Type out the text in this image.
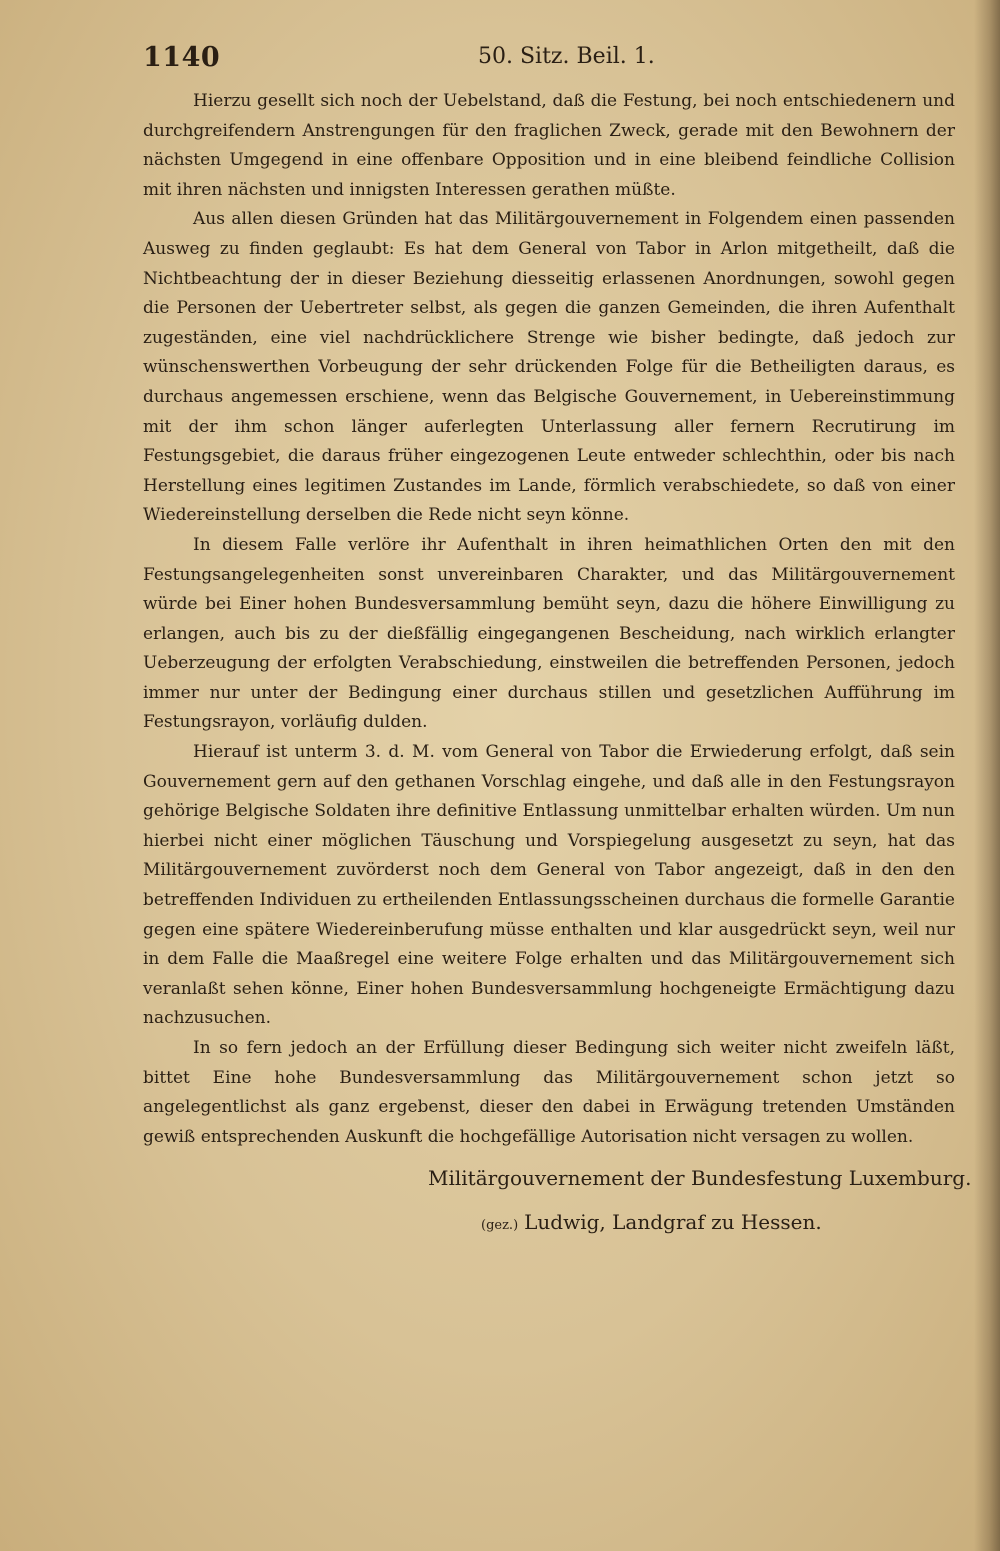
1140	50. Sitz. Beil. 1.

Hierzu gesellt sich noch der Uebelstand, daß die Festung, bei noch entschiedenern und durchgreifendern Anstrengungen für den fraglichen Zweck, gerade mit den Bewohnern der nächsten Umgegend in eine offenbare Opposition und in eine bleibend feindliche Collision mit ihren nächsten und innigsten Interessen gerathen müßte.

Aus allen diesen Gründen hat das Militärgouvernement in Folgendem einen passenden Ausweg zu finden geglaubt: Es hat dem General von Tabor in Arlon mitgetheilt, daß die Nichtbeachtung der in dieser Beziehung diesseitig erlassenen Anordnungen, sowohl gegen die Personen der Uebertreter selbst, als gegen die ganzen Gemeinden, die ihren Aufenthalt zugeständen, eine viel nachdrücklichere Strenge wie bisher bedingte, daß jedoch zur wünschenswerthen Vorbeugung der sehr drückenden Folge für die Betheiligten daraus, es durchaus angemessen erschiene, wenn das Belgische Gouvernement, in Uebereinstimmung mit der ihm schon länger auferlegten Unterlassung aller fernern Recrutirung im Festungsgebiet, die daraus früher eingezogenen Leute entweder schlechthin, oder bis nach Herstellung eines legitimen Zustandes im Lande, förmlich verabschiedete, so daß von einer Wiedereinstellung derselben die Rede nicht seyn könne.

In diesem Falle verlöre ihr Aufenthalt in ihren heimathlichen Orten den mit den Festungsangelegenheiten sonst unvereinbaren Charakter, und das Militärgouvernement würde bei Einer hohen Bundesversammlung bemüht seyn, dazu die höhere Einwilligung zu erlangen, auch bis zu der dießfällig eingegangenen Bescheidung, nach wirklich erlangter Ueberzeugung der erfolgten Verabschiedung, einstweilen die betreffenden Personen, jedoch immer nur unter der Bedingung einer durchaus stillen und gesetzlichen Aufführung im Festungsrayon, vorläufig dulden.

Hierauf ist unterm 3. d. M. vom General von Tabor die Erwiederung erfolgt, daß sein Gouvernement gern auf den gethanen Vorschlag eingehe, und daß alle in den Festungsrayon gehörige Belgische Soldaten ihre definitive Entlassung unmittelbar erhalten würden. Um nun hierbei nicht einer möglichen Täuschung und Vorspiegelung ausgesetzt zu seyn, hat das Militärgouvernement zuvörderst noch dem General von Tabor angezeigt, daß in den den betreffenden Individuen zu ertheilenden Entlassungsscheinen durchaus die formelle Garantie gegen eine spätere Wiedereinberufung müsse enthalten und klar ausgedrückt seyn, weil nur in dem Falle die Maaßregel eine weitere Folge erhalten und das Militärgouvernement sich veranlaßt sehen könne, Einer hohen Bundesversammlung hochgeneigte Ermächtigung dazu nachzusuchen.

In so fern jedoch an der Erfüllung dieser Bedingung sich weiter nicht zweifeln läßt, bittet Eine hohe Bundesversammlung das Militärgouvernement schon jetzt so angelegentlichst als ganz ergebenst, dieser den dabei in Erwägung tretenden Umständen gewiß entsprechenden Auskunft die hochgefällige Autorisation nicht versagen zu wollen.

Militärgouvernement der Bundesfestung Luxemburg.
(gez.) Ludwig, Landgraf zu Hessen.
